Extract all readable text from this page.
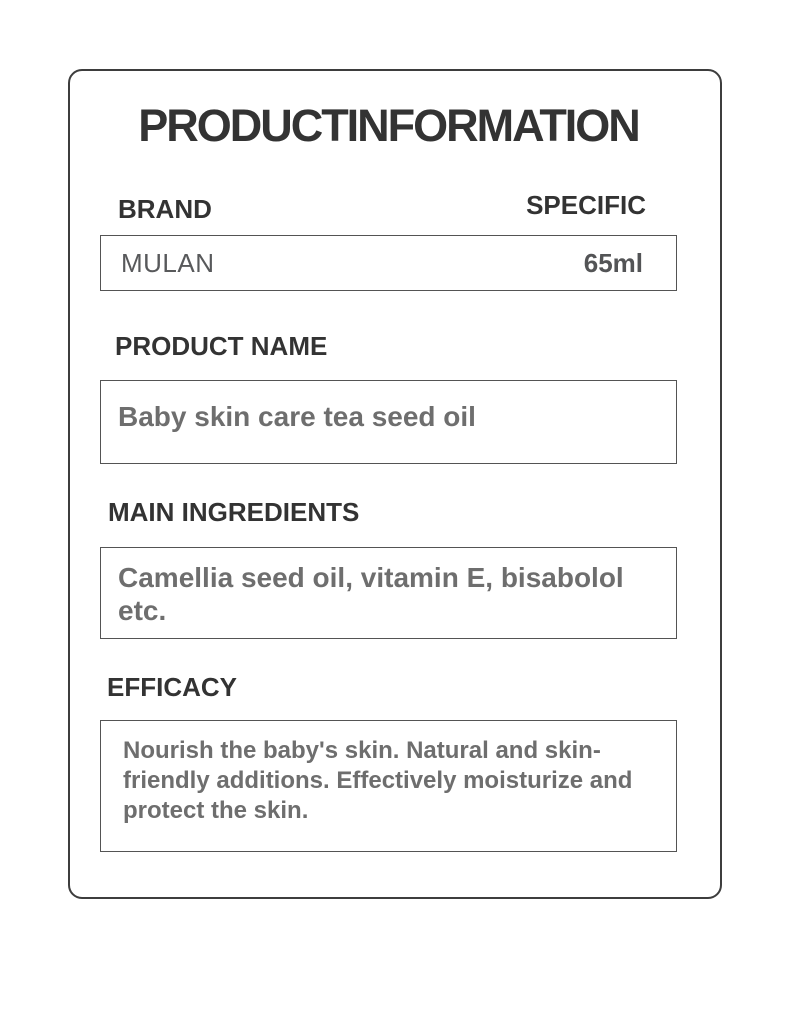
PRODUCTINFORMATION
BRAND	SPECIFIC
MULAN	65ml
PRODUCT NAME
Baby skin care tea seed oil
MAIN INGREDIENTS
Camellia seed oil, vitamin E, bisabolol etc.
EFFICACY
Nourish the baby's skin. Natural and skin-friendly additions. Effectively moisturize and protect the skin.
